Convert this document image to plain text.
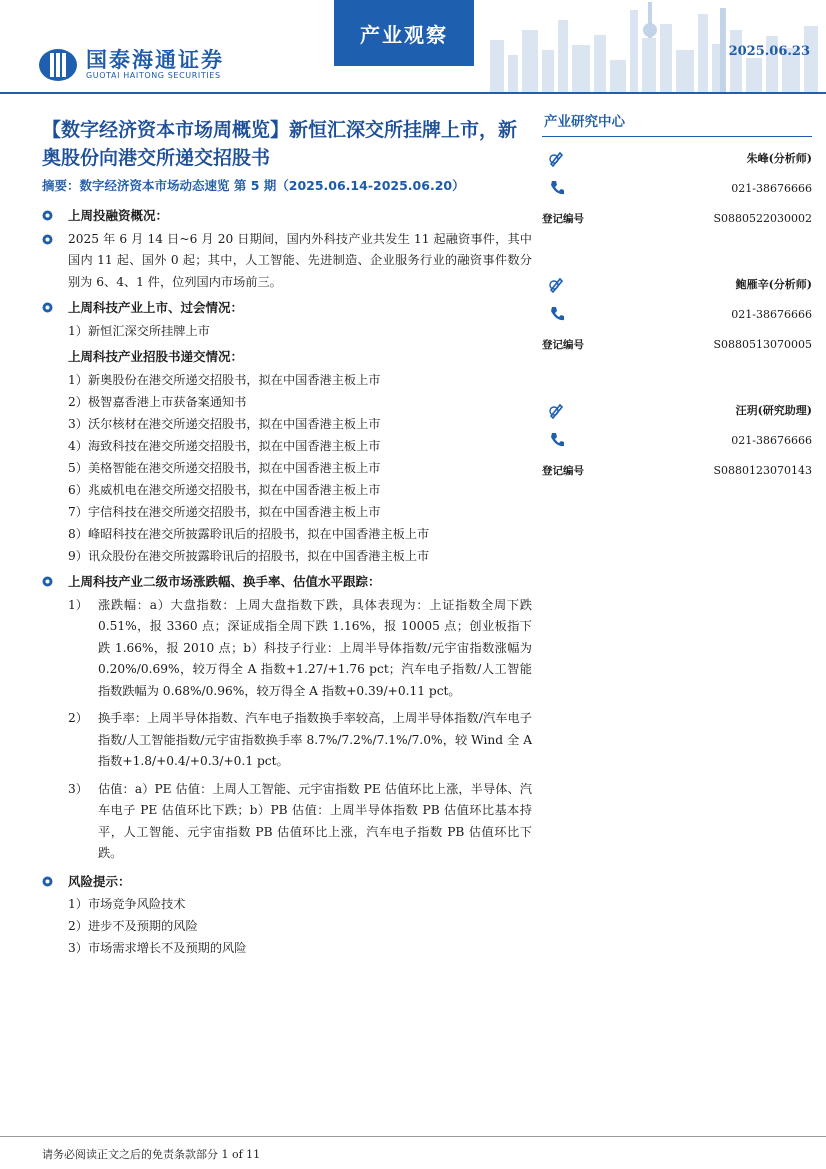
国泰海通证券
GUOTAI HAITONG SECURITIES
产业观察
2025.06.23
【数字经济资本市场周概览】新恒汇深交所挂牌上市，新奥股份向港交所递交招股书
摘要：数字经济资本市场动态速览 第 5 期（2025.06.14-2025.06.20）
上周投融资概况：
2025 年 6 月 14 日~6 月 20 日期间，国内外科技产业共发生 11 起融资事件，其中国内 11 起、国外 0 起；其中，人工智能、先进制造、企业服务行业的融资事件数分别为 6、4、1 件，位列国内市场前三。
上周科技产业上市、过会情况：
1）新恒汇深交所挂牌上市
上周科技产业招股书递交情况：
1）新奥股份在港交所递交招股书，拟在中国香港主板上市
2）极智嘉香港上市获备案通知书
3）沃尔核材在港交所递交招股书，拟在中国香港主板上市
4）海致科技在港交所递交招股书，拟在中国香港主板上市
5）美格智能在港交所递交招股书，拟在中国香港主板上市
6）兆威机电在港交所递交招股书，拟在中国香港主板上市
7）宇信科技在港交所递交招股书，拟在中国香港主板上市
8）峰昭科技在港交所披露聆讯后的招股书，拟在中国香港主板上市
9）讯众股份在港交所披露聆讯后的招股书，拟在中国香港主板上市
上周科技产业二级市场涨跌幅、换手率、估值水平跟踪：
1） 涨跌幅：a）大盘指数：上周大盘指数下跌，具体表现为：上证指数全周下跌 0.51%，报 3360 点；深证成指全周下跌 1.16%，报 10005 点；创业板指下跌 1.66%，报 2010 点；b）科技子行业：上周半导体指数/元宇宙指数涨幅为 0.20%/0.69%，较万得全 A 指数+1.27/+1.76 pct；汽车电子指数/人工智能指数跌幅为 0.68%/0.96%，较万得全 A 指数+0.39/+0.11 pct。
2） 换手率：上周半导体指数、汽车电子指数换手率较高，上周半导体指数/汽车电子指数/人工智能指数/元宇宙指数换手率 8.7%/7.2%/7.1%/7.0%，较 Wind 全 A 指数+1.8/+0.4/+0.3/+0.1 pct。
3） 估值：a）PE 估值：上周人工智能、元宇宙指数 PE 估值环比上涨，半导体、汽车电子 PE 估值环比下跌；b）PB 估值：上周半导体指数 PB 估值环比基本持平，人工智能、元宇宙指数 PB 估值环比上涨，汽车电子指数 PB 估值环比下跌。
风险提示：
1）市场竞争风险技术
2）进步不及预期的风险
3）市场需求增长不及预期的风险
产业研究中心
朱峰(分析师)
021-38676666
登记编号	S0880522030002
鲍雁辛(分析师)
021-38676666
登记编号	S0880513070005
汪玥(研究助理)
021-38676666
登记编号	S0880123070143
请务必阅读正文之后的免责条款部分 1 of 11
